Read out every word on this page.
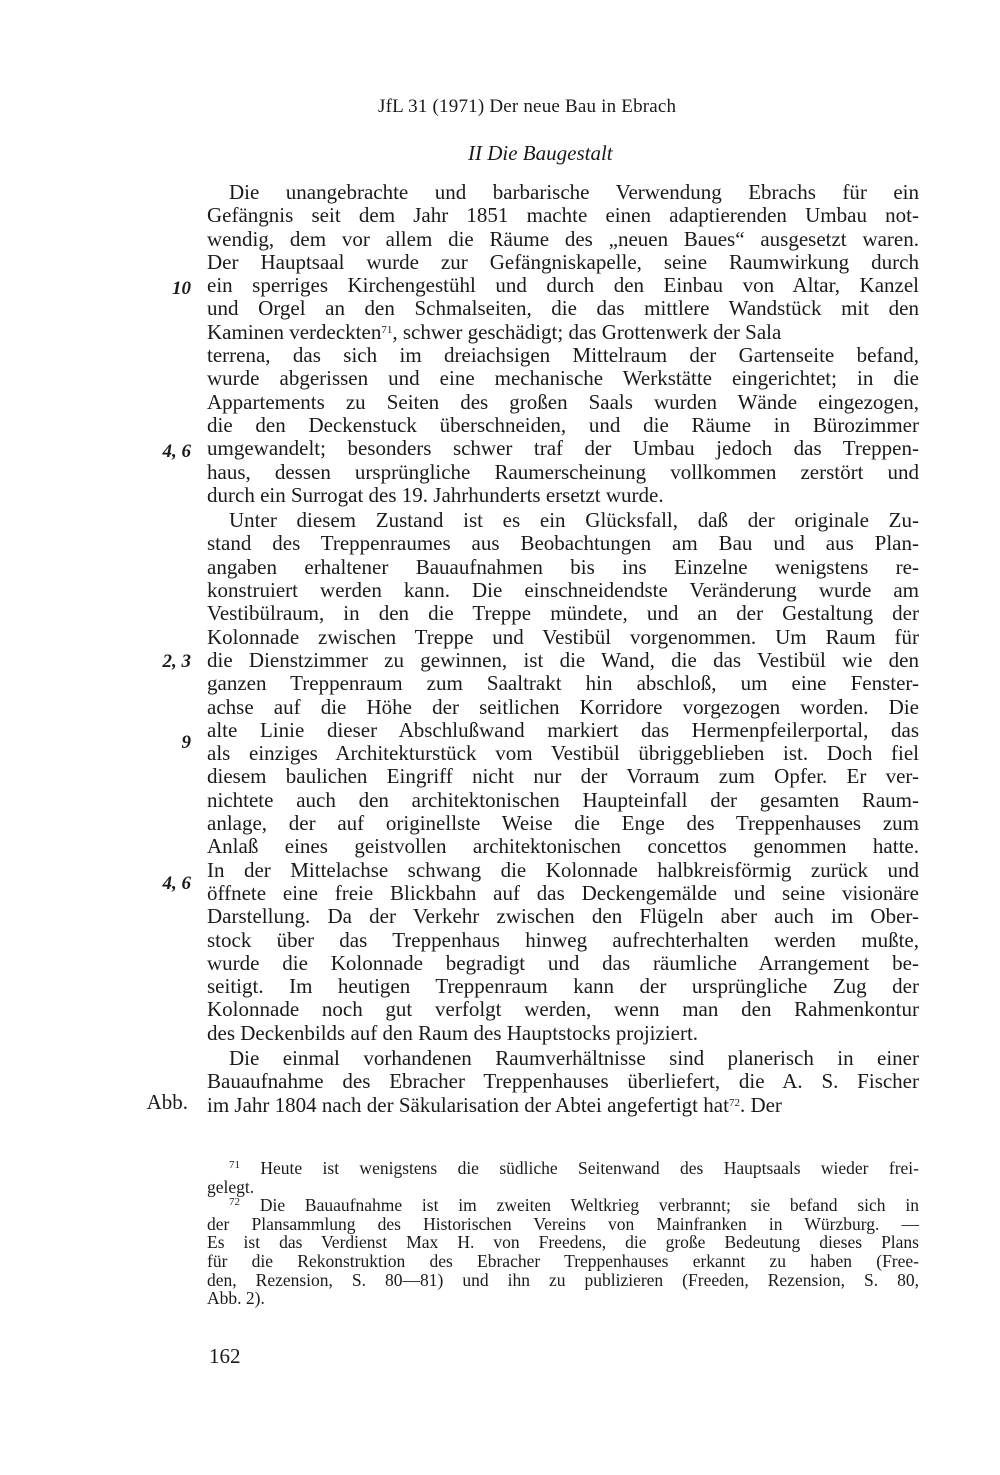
JfL 31 (1971) Der neue Bau in Ebrach
II Die Baugestalt
10
4, 6
2, 3
9
4, 6
Abb.
Die unangebrachte und barbarische Verwendung Ebrachs für ein
Gefängnis seit dem Jahr 1851 machte einen adaptierenden Umbau not-
wendig, dem vor allem die Räume des „neuen Baues“ ausgesetzt waren.
Der Hauptsaal wurde zur Gefängniskapelle, seine Raumwirkung durch
ein sperriges Kirchengestühl und durch den Einbau von Altar, Kanzel
und Orgel an den Schmalseiten, die das mittlere Wandstück mit den
Kaminen verdeckten$^{71}$, schwer geschädigt; das Grottenwerk der Sala
terrena, das sich im dreiachsigen Mittelraum der Gartenseite befand,
wurde abgerissen und eine mechanische Werkstätte eingerichtet; in die
Appartements zu Seiten des großen Saals wurden Wände eingezogen,
die den Deckenstuck überschneiden, und die Räume in Bürozimmer
umgewandelt; besonders schwer traf der Umbau jedoch das Treppen-
haus, dessen ursprüngliche Raumerscheinung vollkommen zerstört und
durch ein Surrogat des 19. Jahrhunderts ersetzt wurde.
Unter diesem Zustand ist es ein Glücksfall, daß der originale Zu-
stand des Treppenraumes aus Beobachtungen am Bau und aus Plan-
angaben erhaltener Bauaufnahmen bis ins Einzelne wenigstens re-
konstruiert werden kann. Die einschneidendste Veränderung wurde am
Vestibülraum, in den die Treppe mündete, und an der Gestaltung der
Kolonnade zwischen Treppe und Vestibül vorgenommen. Um Raum für
die Dienstzimmer zu gewinnen, ist die Wand, die das Vestibül wie den
ganzen Treppenraum zum Saaltrakt hin abschloß, um eine Fenster-
achse auf die Höhe der seitlichen Korridore vorgezogen worden. Die
alte Linie dieser Abschlußwand markiert das Hermenpfeilerportal, das
als einziges Architekturstück vom Vestibül übriggeblieben ist. Doch fiel
diesem baulichen Eingriff nicht nur der Vorraum zum Opfer. Er ver-
nichtete auch den architektonischen Haupteinfall der gesamten Raum-
anlage, der auf originellste Weise die Enge des Treppenhauses zum
Anlaß eines geistvollen architektonischen concettos genommen hatte.
In der Mittelachse schwang die Kolonnade halbkreisförmig zurück und
öffnete eine freie Blickbahn auf das Deckengemälde und seine visionäre
Darstellung. Da der Verkehr zwischen den Flügeln aber auch im Ober-
stock über das Treppenhaus hinweg aufrechterhalten werden mußte,
wurde die Kolonnade begradigt und das räumliche Arrangement be-
seitigt. Im heutigen Treppenraum kann der ursprüngliche Zug der
Kolonnade noch gut verfolgt werden, wenn man den Rahmenkontur
des Deckenbilds auf den Raum des Hauptstocks projiziert.
Die einmal vorhandenen Raumverhältnisse sind planerisch in einer
Bauaufnahme des Ebracher Treppenhauses überliefert, die A. S. Fischer
im Jahr 1804 nach der Säkularisation der Abtei angefertigt hat$^{72}$. Der
$^{71}$ Heute ist wenigstens die südliche Seitenwand des Hauptsaals wieder frei-
gelegt.
$^{72}$ Die Bauaufnahme ist im zweiten Weltkrieg verbrannt; sie befand sich in
der Plansammlung des Historischen Vereins von Mainfranken in Würzburg. —
Es ist das Verdienst Max H. von Freedens, die große Bedeutung dieses Plans
für die Rekonstruktion des Ebracher Treppenhauses erkannt zu haben (Free-
den, Rezension, S. 80—81) und ihn zu publizieren (Freeden, Rezension, S. 80,
Abb. 2).
162
